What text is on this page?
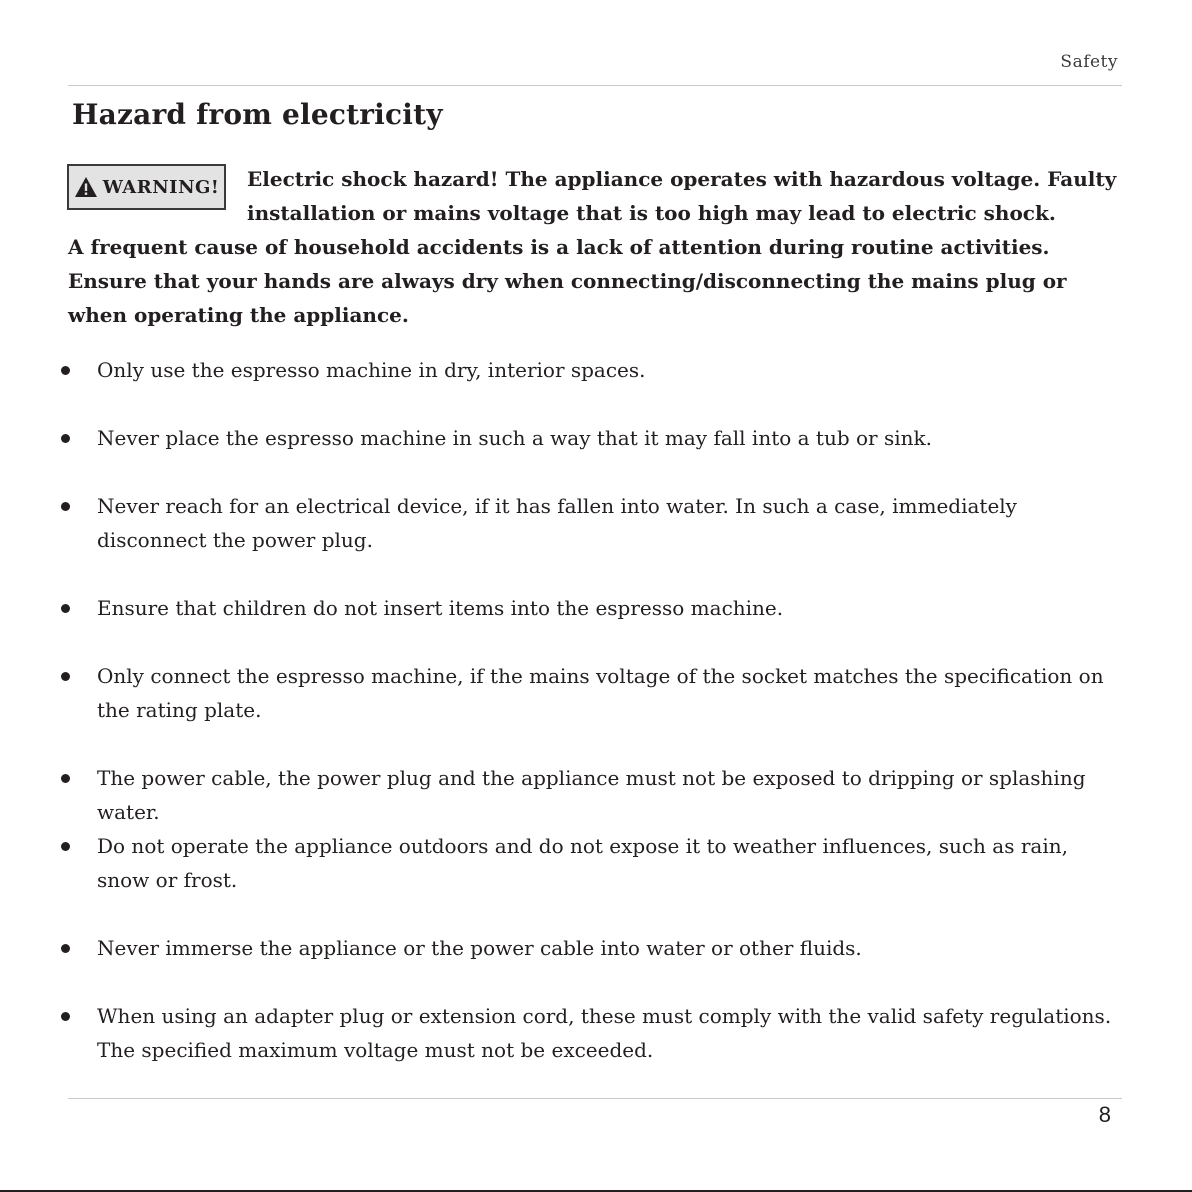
Safety
Hazard from electricity
WARNING! Electric shock hazard! The appliance operates with hazardous voltage. Faulty installation or mains voltage that is too high may lead to electric shock.

A frequent cause of household accidents is a lack of attention during routine activities. Ensure that your hands are always dry when connecting/disconnecting the mains plug or when operating the appliance.

Only use the espresso machine in dry, interior spaces.
Never place the espresso machine in such a way that it may fall into a tub or sink.
Never reach for an electrical device, if it has fallen into water. In such a case, immediately disconnect the power plug.
Ensure that children do not insert items into the espresso machine.
Only connect the espresso machine, if the mains voltage of the socket matches the specification on the rating plate.
The power cable, the power plug and the appliance must not be exposed to dripping or splashing water.
Do not operate the appliance outdoors and do not expose it to weather influences, such as rain, snow or frost.
Never immerse the appliance or the power cable into water or other fluids.
When using an adapter plug or extension cord, these must comply with the valid safety regulations. The specified maximum voltage must not be exceeded.
8
